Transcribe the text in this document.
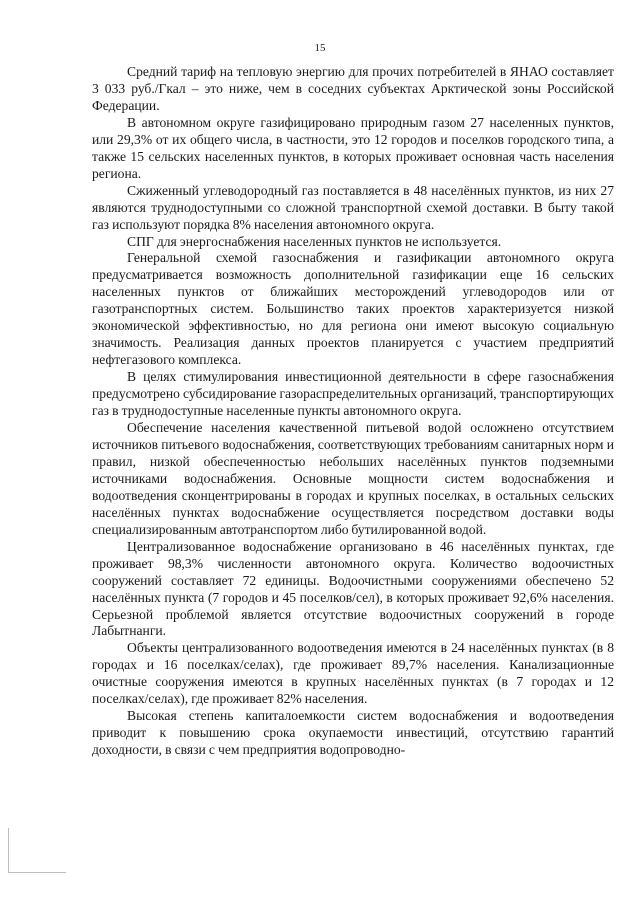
15

Средний тариф на тепловую энергию для прочих потребителей в ЯНАО составляет 3 033 руб./Гкал – это ниже, чем в соседних субъектах Арктической зоны Российской Федерации.

В автономном округе газифицировано природным газом 27 населенных пунктов, или 29,3% от их общего числа, в частности, это 12 городов и поселков городского типа, а также 15 сельских населенных пунктов, в которых проживает основная часть населения региона.

Сжиженный углеводородный газ поставляется в 48 населённых пунктов, из них 27 являются труднодоступными со сложной транспортной схемой доставки. В быту такой газ используют порядка 8% населения автономного округа.

СПГ для энергоснабжения населенных пунктов не используется.

Генеральной схемой газоснабжения и газификации автономного округа предусматривается возможность дополнительной газификации еще 16 сельских населенных пунктов от ближайших месторождений углеводородов или от газотранспортных систем. Большинство таких проектов характеризуется низкой экономической эффективностью, но для региона они имеют высокую социальную значимость. Реализация данных проектов планируется с участием предприятий нефтегазового комплекса.

В целях стимулирования инвестиционной деятельности в сфере газоснабжения предусмотрено субсидирование газораспределительных организаций, транспортирующих газ в труднодоступные населенные пункты автономного округа.

Обеспечение населения качественной питьевой водой осложнено отсутствием источников питьевого водоснабжения, соответствующих требованиям санитарных норм и правил, низкой обеспеченностью небольших населённых пунктов подземными источниками водоснабжения. Основные мощности систем водоснабжения и водоотведения сконцентрированы в городах и крупных поселках, в остальных сельских населённых пунктах водоснабжение осуществляется посредством доставки воды специализированным автотранспортом либо бутилированной водой.

Централизованное водоснабжение организовано в 46 населённых пунктах, где проживает 98,3% численности автономного округа. Количество водоочистных сооружений составляет 72 единицы. Водоочистными сооружениями обеспечено 52 населённых пункта (7 городов и 45 поселков/сел), в которых проживает 92,6% населения. Серьезной проблемой является отсутствие водоочистных сооружений в городе Лабытнанги.

Объекты централизованного водоотведения имеются в 24 населённых пунктах (в 8 городах и 16 поселках/селах), где проживает 89,7% населения. Канализационные очистные сооружения имеются в крупных населённых пунктах (в 7 городах и 12 поселках/селах), где проживает 82% населения.

Высокая степень капиталоемкости систем водоснабжения и водоотведения приводит к повышению срока окупаемости инвестиций, отсутствию гарантий доходности, в связи с чем предприятия водопроводно-
